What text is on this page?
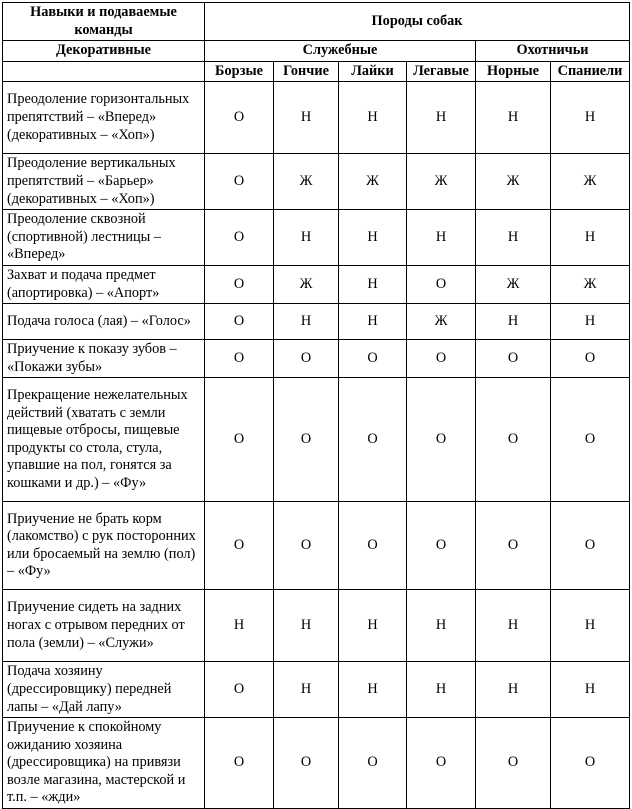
Навыки и подаваемые команды	Породы собак					
Декоративные	Служебные				Охотничьи	
	Борзые	Гончие	Лайки	Легавые	Норные	Спаниели
Преодоление горизонтальных препятствий – «Вперед» (декоративных – «Хоп»)	О	Н	Н	Н	Н	Н
Преодоление вертикальных препятствий – «Барьер» (декоративных – «Хоп»)	О	Ж	Ж	Ж	Ж	Ж
Преодоление сквозной (спортивной) лестницы – «Вперед»	О	Н	Н	Н	Н	Н
Захват и подача предмет (апортировка) – «Апорт»	О	Ж	Н	О	Ж	Ж
Подача голоса (лая) – «Голос»	О	Н	Н	Ж	Н	Н
Приучение к показу зубов – «Покажи зубы»	О	О	О	О	О	О
Прекращение нежелательных действий (хватать с земли пищевые отбросы, пищевые продукты со стола, стула, упавшие на пол, гонятся за кошками и др.) – «Фу»	О	О	О	О	О	О
Приучение не брать корм (лакомство) с рук посторонних или бросаемый на землю (пол) – «Фу»	О	О	О	О	О	О
Приучение сидеть на задних ногах с отрывом передних от пола (земли) – «Служи»	Н	Н	Н	Н	Н	Н
Подача хозяину (дрессировщику) передней лапы – «Дай лапу»	О	Н	Н	Н	Н	Н
Приучение к спокойному ожиданию хозяина (дрессировщика) на привязи возле магазина, мастерской и т.п. – «жди»	О	О	О	О	О	О
